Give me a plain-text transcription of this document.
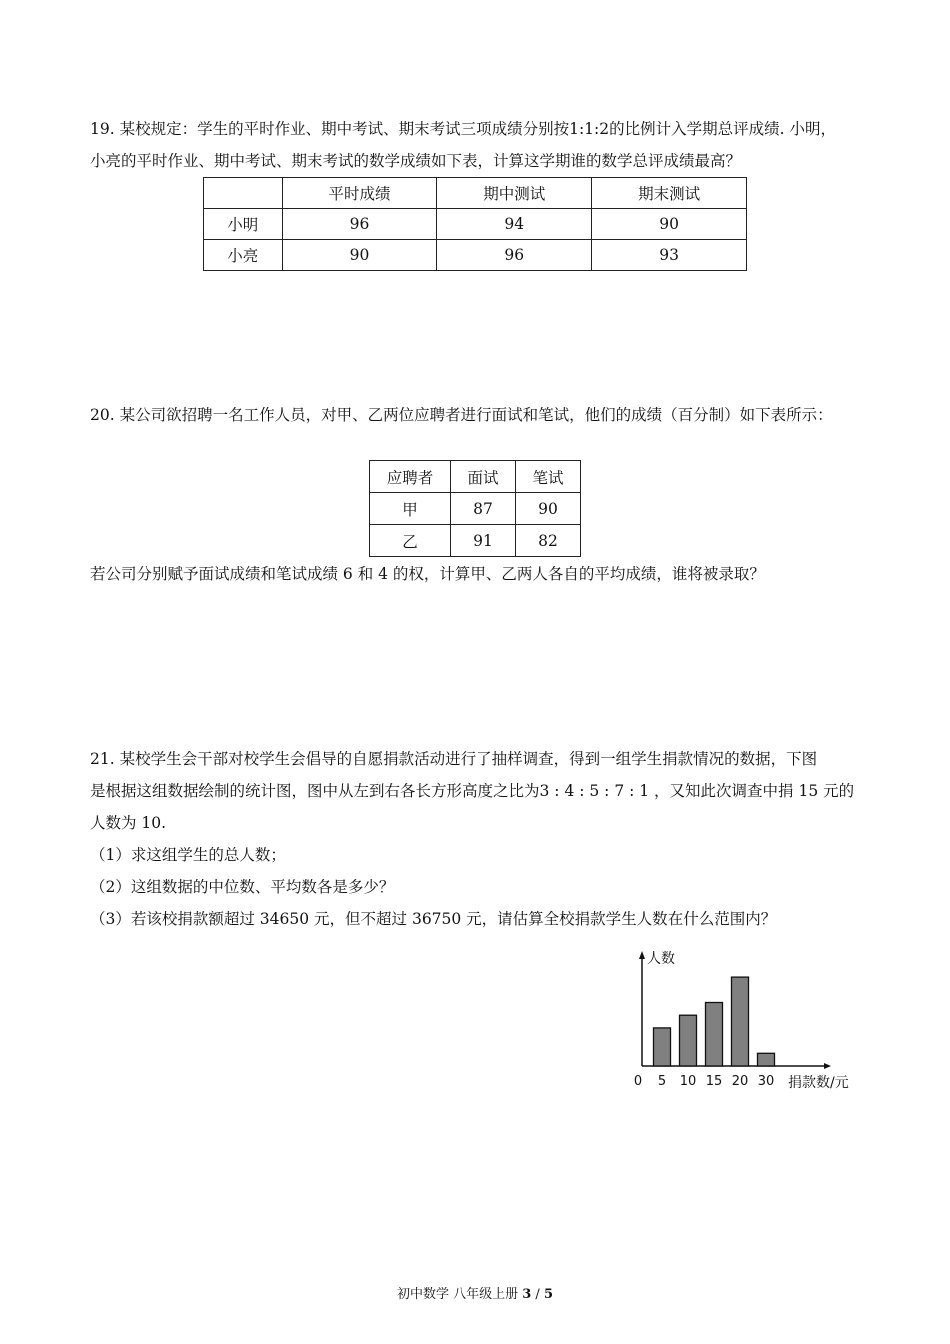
19. 某校规定：学生的平时作业、期中考试、期末考试三项成绩分别按1:1:2的比例计入学期总评成绩. 小明，
小亮的平时作业、期中考试、期末考试的数学成绩如下表，计算这学期谁的数学总评成绩最高？
	平时成绩	期中测试	期末测试
小明	96	94	90
小亮	90	96	93
20. 某公司欲招聘一名工作人员，对甲、乙两位应聘者进行面试和笔试，他们的成绩（百分制）如下表所示：
应聘者	面试	笔试
甲	87	90
乙	91	82
若公司分别赋予面试成绩和笔试成绩 6 和 4 的权，计算甲、乙两人各自的平均成绩，谁将被录取？
21. 某校学生会干部对校学生会倡导的自愿捐款活动进行了抽样调查，得到一组学生捐款情况的数据，下图
是根据这组数据绘制的统计图，图中从左到右各长方形高度之比为3 : 4 : 5 : 7 : 1 ，又知此次调查中捐 15 元的
人数为 10.
（1）求这组学生的总人数；
（2）这组数据的中位数、平均数各是多少？
（3）若该校捐款额超过 34650 元，但不超过 36750 元，请估算全校捐款学生人数在什么范围内？
人数
0	捐款数/元
5 10 15 20 30
初中数学 八年级上册 3 / 5
